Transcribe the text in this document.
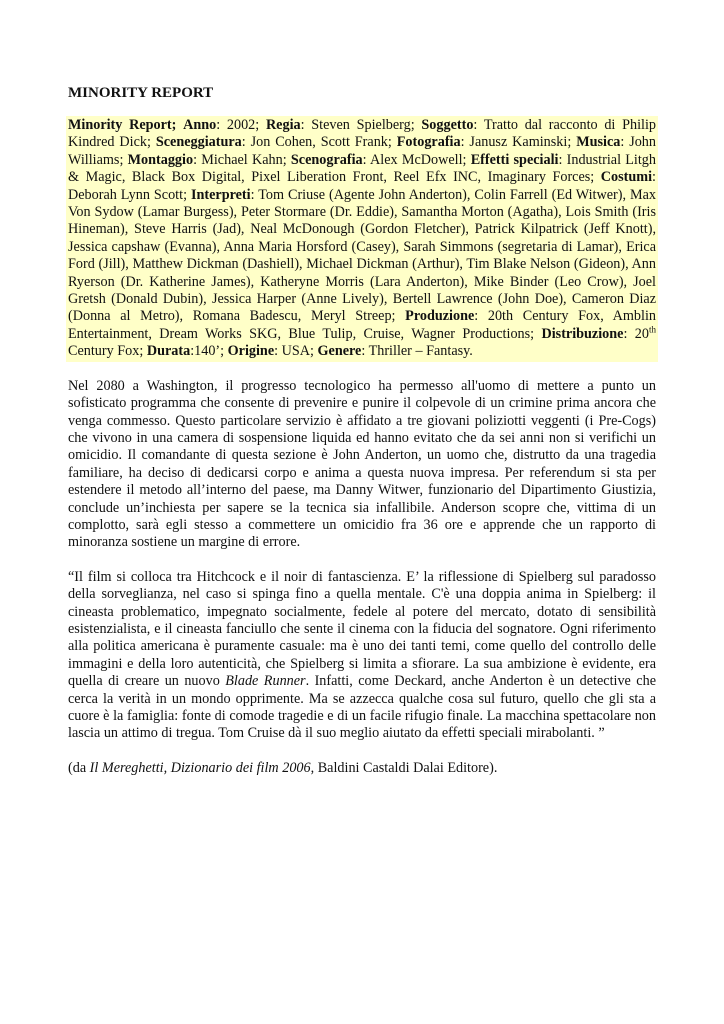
MINORITY REPORT
Minority Report; Anno: 2002; Regia: Steven Spielberg; Soggetto: Tratto dal racconto di Philip Kindred Dick; Sceneggiatura: Jon Cohen, Scott Frank; Fotografia: Janusz Kaminski; Musica: John Williams; Montaggio: Michael Kahn; Scenografia: Alex McDowell; Effetti speciali: Industrial Litgh & Magic, Black Box Digital, Pixel Liberation Front, Reel Efx INC, Imaginary Forces; Costumi: Deborah Lynn Scott; Interpreti: Tom Criuse (Agente John Anderton), Colin Farrell (Ed Witwer), Max Von Sydow (Lamar Burgess), Peter Stormare (Dr. Eddie), Samantha Morton (Agatha), Lois Smith (Iris Hineman), Steve Harris (Jad), Neal McDonough (Gordon Fletcher), Patrick Kilpatrick (Jeff Knott), Jessica capshaw (Evanna), Anna Maria Horsford (Casey), Sarah Simmons (segretaria di Lamar), Erica Ford (Jill), Matthew Dickman (Dashiell), Michael Dickman (Arthur), Tim Blake Nelson (Gideon), Ann Ryerson (Dr. Katherine James), Katheryne Morris (Lara Anderton), Mike Binder (Leo Crow), Joel Gretsh (Donald Dubin), Jessica Harper (Anne Lively), Bertell Lawrence (John Doe), Cameron Diaz (Donna al Metro), Romana Badescu, Meryl Streep; Produzione: 20th Century Fox, Amblin Entertainment, Dream Works SKG, Blue Tulip, Cruise, Wagner Productions; Distribuzione: 20th Century Fox; Durata:140’; Origine: USA; Genere: Thriller – Fantasy.

Nel 2080 a Washington, il progresso tecnologico ha permesso all'uomo di mettere a punto un sofisticato programma che consente di prevenire e punire il colpevole di un crimine prima ancora che venga commesso. Questo particolare servizio è affidato a tre giovani poliziotti veggenti (i Pre-Cogs) che vivono in una camera di sospensione liquida ed hanno evitato che da sei anni non si verifichi un omicidio. Il comandante di questa sezione è John Anderton, un uomo che, distrutto da una tragedia familiare, ha deciso di dedicarsi corpo e anima a questa nuova impresa. Per referendum si sta per estendere il metodo all’interno del paese, ma Danny Witwer, funzionario del Dipartimento Giustizia, conclude un’inchiesta per sapere se la tecnica sia infallibile. Anderson scopre che, vittima di un complotto, sarà egli stesso a commettere un omicidio fra 36 ore e apprende che un rapporto di minoranza sostiene un margine di errore.

“Il film si colloca tra Hitchcock e il noir di fantascienza. E’ la riflessione di Spielberg sul paradosso della sorveglianza, nel caso si spinga fino a quella mentale. C'è una doppia anima in Spielberg: il cineasta problematico, impegnato socialmente, fedele al potere del mercato, dotato di sensibilità esistenzialista, e il cineasta fanciullo che sente il cinema con la fiducia del sognatore. Ogni riferimento alla politica americana è puramente casuale: ma è uno dei tanti temi, come quello del controllo delle immagini e della loro autenticità, che Spielberg si limita a sfiorare. La sua ambizione è evidente, era quella di creare un nuovo Blade Runner. Infatti, come Deckard, anche Anderton è un detective che cerca la verità in un mondo opprimente. Ma se azzecca qualche cosa sul futuro, quello che gli sta a cuore è la famiglia: fonte di comode tragedie e di un facile rifugio finale. La macchina spettacolare non lascia un attimo di tregua. Tom Cruise dà il suo meglio aiutato da effetti speciali mirabolanti. ”

(da Il Mereghetti, Dizionario dei film 2006, Baldini Castaldi Dalai Editore).
